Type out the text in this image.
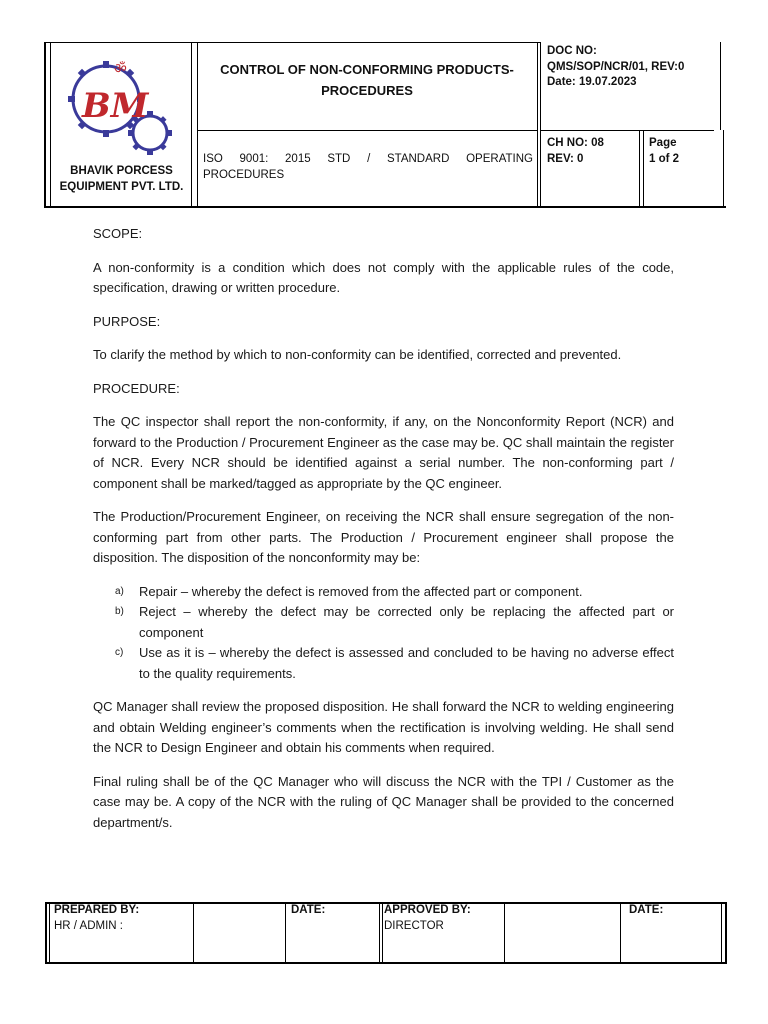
ॐ
BM
BHAVIK PORCESS EQUIPMENT PVT. LTD.
CONTROL OF NON-CONFORMING PRODUCTS-PROCEDURES
DOC NO:
QMS/SOP/NCR/01, REV:0
Date: 19.07.2023
ISO 9001: 2015 STD / STANDARD OPERATING PROCEDURES
CH NO: 08
REV: 0
Page
1 of 2

SCOPE:

A non-conformity is a condition which does not comply with the applicable rules of the code, specification, drawing or written procedure.

PURPOSE:

To clarify the method by which to non-conformity can be identified, corrected and prevented.

PROCEDURE:

The QC inspector shall report the non-conformity, if any, on the Nonconformity Report (NCR) and forward to the Production / Procurement Engineer as the case may be. QC shall maintain the register of NCR. Every NCR should be identified against a serial number. The non-conforming part / component shall be marked/tagged as appropriate by the QC engineer.

The Production/Procurement Engineer, on receiving the NCR shall ensure segregation of the non-conforming part from other parts. The Production / Procurement engineer shall propose the disposition. The disposition of the nonconformity may be:

a) Repair – whereby the defect is removed from the affected part or component.
b) Reject – whereby the defect may be corrected only be replacing the affected part or component
c) Use as it is – whereby the defect is assessed and concluded to be having no adverse effect to the quality requirements.

QC Manager shall review the proposed disposition. He shall forward the NCR to welding engineering and obtain Welding engineer’s comments when the rectification is involving welding. He shall send the NCR to Design Engineer and obtain his comments when required.

Final ruling shall be of the QC Manager who will discuss the NCR with the TPI / Customer as the case may be. A copy of the NCR with the ruling of QC Manager shall be provided to the concerned department/s.

PREPARED BY:
HR / ADMIN :
DATE:	APPROVED BY:
DIRECTOR
DATE:
